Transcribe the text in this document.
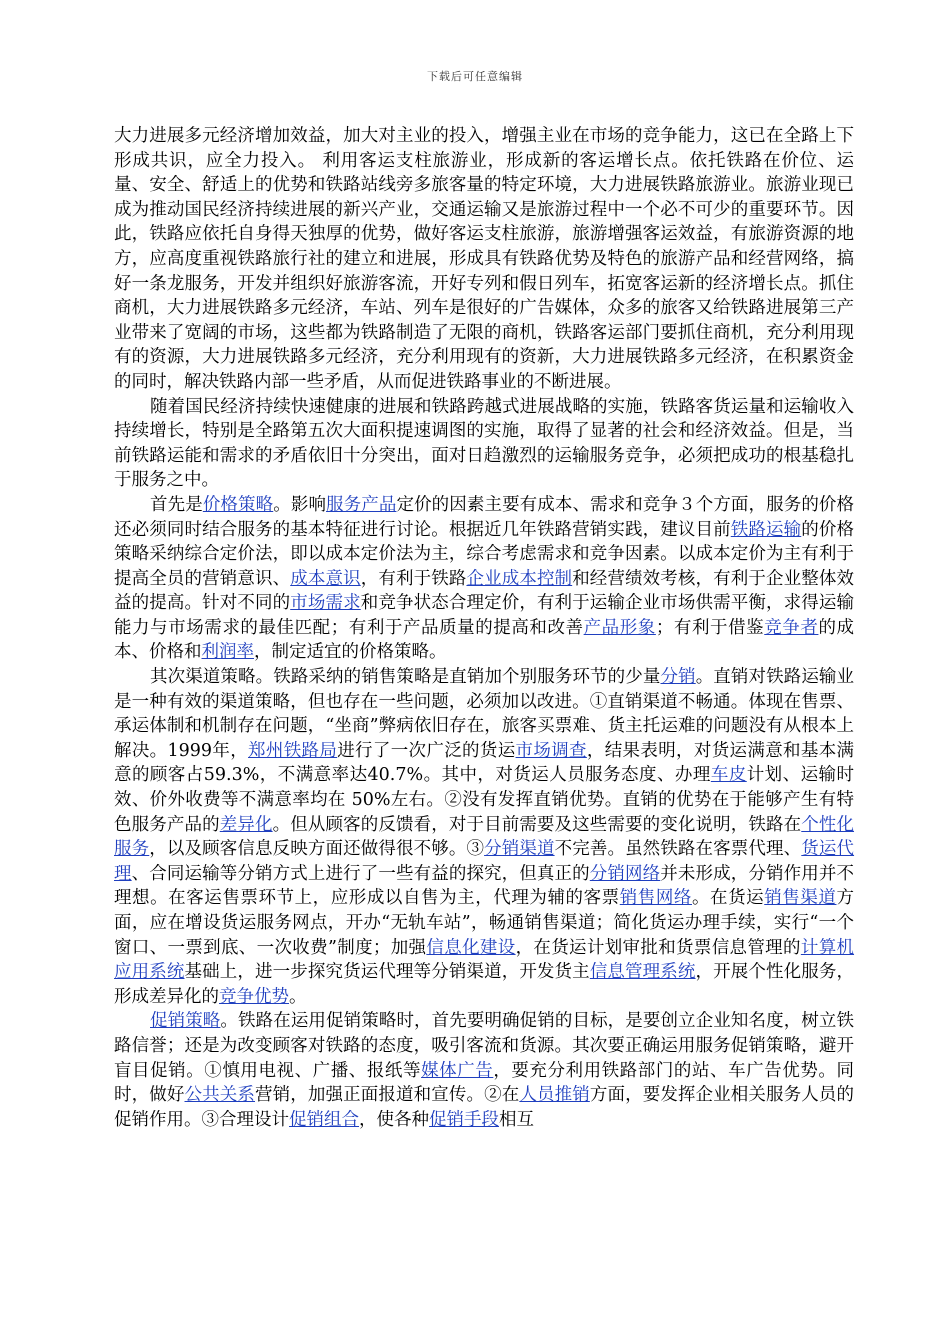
下载后可任意编辑

大力进展多元经济增加效益，加大对主业的投入，增强主业在市场的竞争能力，这已在全路上下形成共识，应全力投入。 利用客运支柱旅游业，形成新的客运增长点。依托铁路在价位、运量、安全、舒适上的优势和铁路站线旁多旅客量的特定环境，大力进展铁路旅游业。旅游业现已成为推动国民经济持续进展的新兴产业，交通运输又是旅游过程中一个必不可少的重要环节。因此，铁路应依托自身得天独厚的优势，做好客运支柱旅游，旅游增强客运效益，有旅游资源的地方，应高度重视铁路旅行社的建立和进展，形成具有铁路优势及特色的旅游产品和经营网络，搞好一条龙服务，开发并组织好旅游客流，开好专列和假日列车，拓宽客运新的经济增长点。抓住商机，大力进展铁路多元经济，车站、列车是很好的广告媒体，众多的旅客又给铁路进展第三产业带来了宽阔的市场，这些都为铁路制造了无限的商机，铁路客运部门要抓住商机，充分利用现有的资源，大力进展铁路多元经济，充分利用现有的资新，大力进展铁路多元经济，在积累资金的同时，解决铁路内部一些矛盾，从而促进铁路事业的不断进展。

随着国民经济持续快速健康的进展和铁路跨越式进展战略的实施，铁路客货运量和运输收入持续增长，特别是全路第五次大面积提速调图的实施，取得了显著的社会和经济效益。但是，当前铁路运能和需求的矛盾依旧十分突出，面对日趋激烈的运输服务竞争，必须把成功的根基稳扎于服务之中。

首先是价格策略。影响服务产品定价的因素主要有成本、需求和竞争３个方面，服务的价格还必须同时结合服务的基本特征进行讨论。根据近几年铁路营销实践，建议目前铁路运输的价格策略采纳综合定价法，即以成本定价法为主，综合考虑需求和竞争因素。以成本定价为主有利于提高全员的营销意识、成本意识，有利于铁路企业成本控制和经营绩效考核，有利于企业整体效益的提高。针对不同的市场需求和竞争状态合理定价，有利于运输企业市场供需平衡，求得运输能力与市场需求的最佳匹配；有利于产品质量的提高和改善产品形象；有利于借鉴竞争者的成本、价格和利润率，制定适宜的价格策略。

其次渠道策略。铁路采纳的销售策略是直销加个别服务环节的少量分销。直销对铁路运输业是一种有效的渠道策略，但也存在一些问题，必须加以改进。①直销渠道不畅通。体现在售票、承运体制和机制存在问题，“坐商”弊病依旧存在，旅客买票难、货主托运难的问题没有从根本上解决。1999年，郑州铁路局进行了一次广泛的货运市场调查，结果表明，对货运满意和基本满意的顾客占59.3%，不满意率达40.7%。其中，对货运人员服务态度、办理车皮计划、运输时效、价外收费等不满意率均在 50%左右。②没有发挥直销优势。直销的优势在于能够产生有特色服务产品的差异化。但从顾客的反馈看，对于目前需要及这些需要的变化说明，铁路在个性化服务，以及顾客信息反映方面还做得很不够。③分销渠道不完善。虽然铁路在客票代理、货运代理、合同运输等分销方式上进行了一些有益的探究，但真正的分销网络并未形成，分销作用并不理想。在客运售票环节上，应形成以自售为主，代理为辅的客票销售网络。在货运销售渠道方面，应在增设货运服务网点，开办“无轨车站”，畅通销售渠道；简化货运办理手续，实行“一个窗口、一票到底、一次收费”制度；加强信息化建设，在货运计划审批和货票信息管理的计算机应用系统基础上，进一步探究货运代理等分销渠道，开发货主信息管理系统，开展个性化服务，形成差异化的竞争优势。

促销策略。铁路在运用促销策略时，首先要明确促销的目标，是要创立企业知名度，树立铁路信誉；还是为改变顾客对铁路的态度，吸引客流和货源。其次要正确运用服务促销策略，避开盲目促销。①慎用电视、广播、报纸等媒体广告，要充分利用铁路部门的站、车广告优势。同时，做好公共关系营销，加强正面报道和宣传。②在人员推销方面，要发挥企业相关服务人员的促销作用。③合理设计促销组合，使各种促销手段相互
